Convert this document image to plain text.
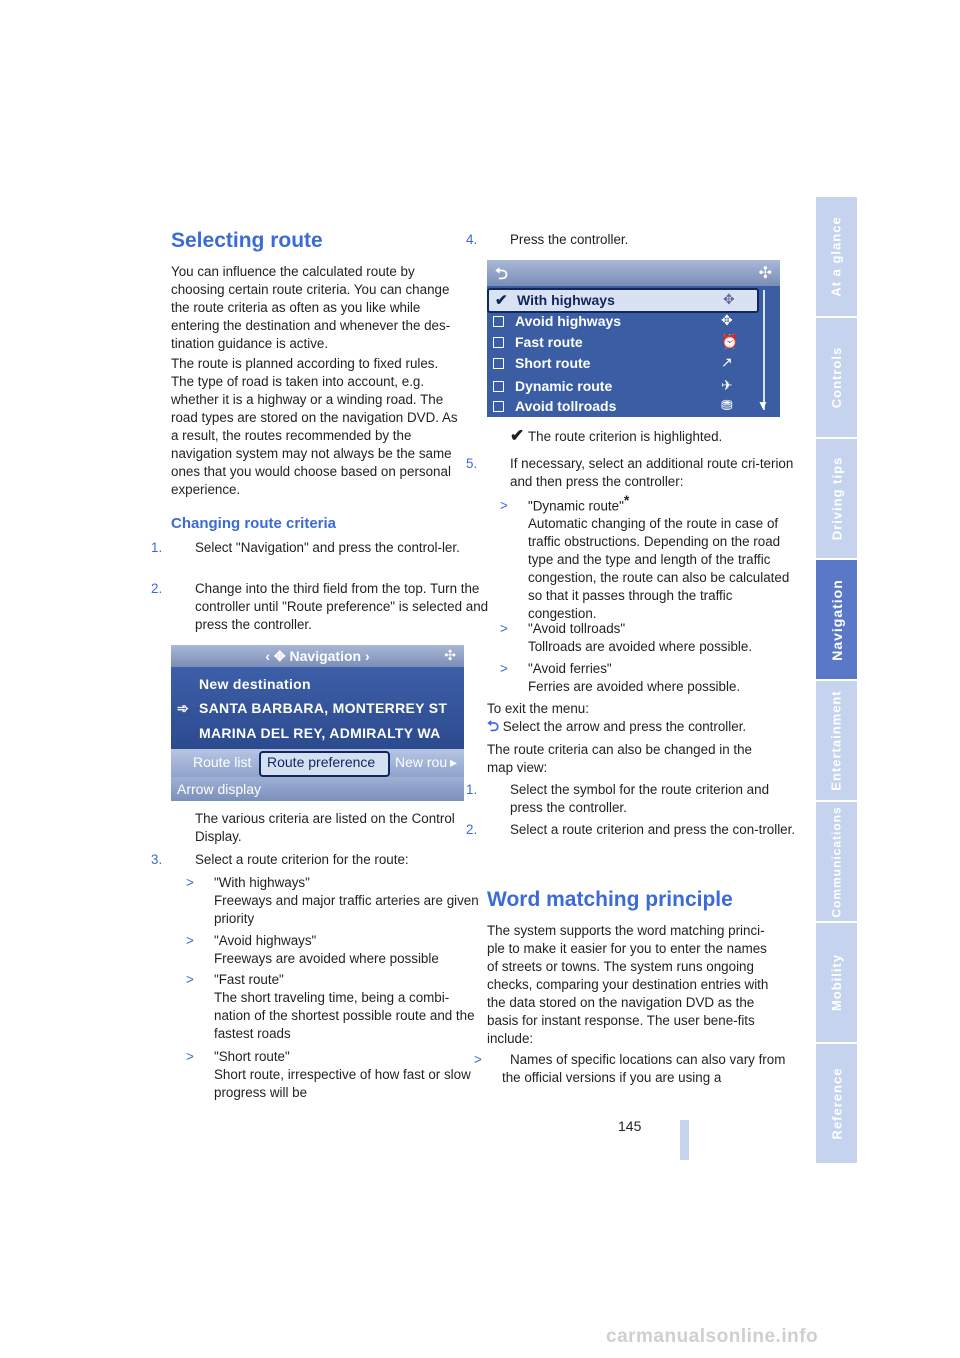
At a glance
Controls
Driving tips
Navigation
Entertainment
Communications
Mobility
Reference
Selecting route

You can influence the calculated route by choosing certain route criteria. You can change the route criteria as often as you like while entering the destination and whenever the des-tination guidance is active.

The route is planned according to fixed rules. The type of road is taken into account, e.g. whether it is a highway or a winding road. The road types are stored on the navigation DVD. As a result, the routes recommended by the navigation system may not always be the same ones that you would choose based on personal experience.

Changing route criteria
1. Select "Navigation" and press the control-ler.
2. Change into the third field from the top. Turn the controller until "Route preference" is selected and press the controller.
‹ ✥ Navigation ›	✣
New destination
➾ SANTA BARBARA, MONTERREY ST
MARINA DEL REY, ADMIRALTY WA
Route list Route preference New rou ▸
Arrow display

The various criteria are listed on the Control Display.

3. Select a route criterion for the route:
> "With highways"
Freeways and major traffic arteries are given priority
> "Avoid highways"
Freeways are avoided where possible
> "Fast route"
The short traveling time, being a combi-nation of the shortest possible route and the fastest roads
> "Short route"
Short route, irrespective of how fast or slow progress will be
4. Press the controller.
⮌	✣
✔ With highways	✥
Avoid highways	✥
Fast route	⏰
Short route	↗
Dynamic route	✈
Avoid tollroads	⛃ ▼
✔ The route criterion is highlighted.
5. If necessary, select an additional route cri-terion and then press the controller:
> "Dynamic route"*
Automatic changing of the route in case of traffic obstructions. Depending on the road type and the type and length of the traffic congestion, the route can also be calculated so that it passes through the traffic congestion.
> "Avoid tollroads"
Tollroads are avoided where possible.
> "Avoid ferries"
Ferries are avoided where possible.

To exit the menu:

⮌ Select the arrow and press the controller.

The route criteria can also be changed in the map view:

1. Select the symbol for the route criterion and press the controller.
2. Select a route criterion and press the con-troller.
Word matching principle

The system supports the word matching princi-ple to make it easier for you to enter the names of streets or towns. The system runs ongoing checks, comparing your destination entries with the data stored on the navigation DVD as the basis for instant response. The user bene-fits include:

> Names of specific locations can also vary from the official versions if you are using a
145
carmanualsonline.info
